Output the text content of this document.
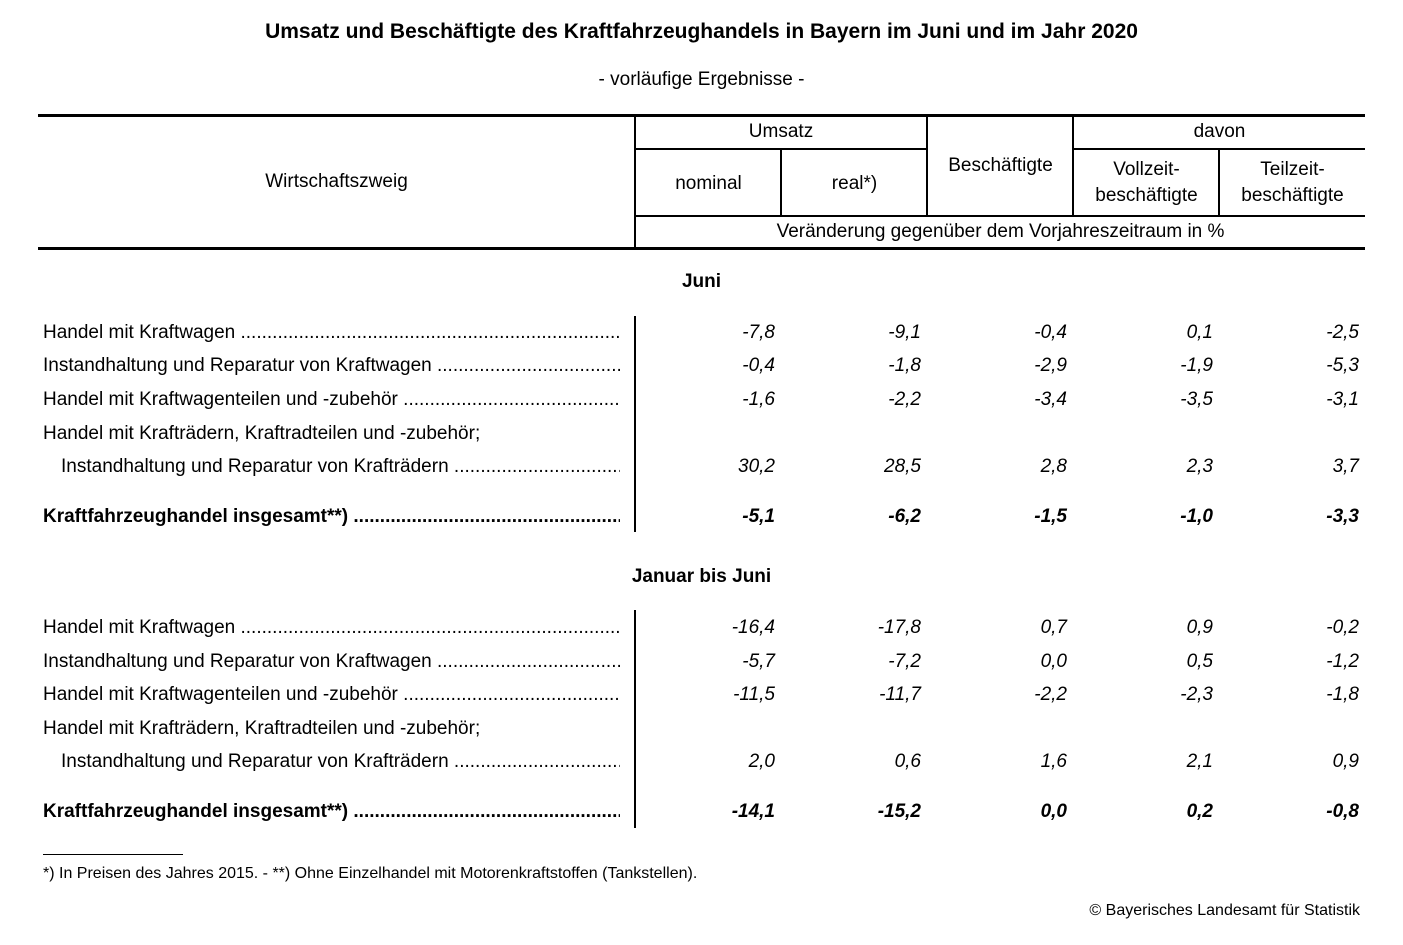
Umsatz und Beschäftigte des Kraftfahrzeughandels in Bayern im Juni und im Jahr 2020
- vorläufige Ergebnisse -
Wirtschaftszweig
Umsatz
nominal	real*)
Beschäftigte
davon
Vollzeit-
beschäftigte
Teilzeit-
beschäftigte
Veränderung gegenüber dem Vorjahreszeitraum in %
Juni
Handel mit Kraftwagen .....	-7,8	-9,1	-0,4	0,1	-2,5
Instandhaltung und Reparatur von Kraftwagen .....	-0,4	-1,8	-2,9	-1,9	-5,3
Handel mit Kraftwagenteilen und -zubehör .....	-1,6	-2,2	-3,4	-3,5	-3,1
Handel mit Krafträdern, Kraftradteilen und -zubehör;
Instandhaltung und Reparatur von Krafträdern .....	30,2	28,5	2,8	2,3	3,7
Kraftfahrzeughandel insgesamt**) .....	-5,1	-6,2	-1,5	-1,0	-3,3
Januar bis Juni
Handel mit Kraftwagen .....	-16,4	-17,8	0,7	0,9	-0,2
Instandhaltung und Reparatur von Kraftwagen .....	-5,7	-7,2	0,0	0,5	-1,2
Handel mit Kraftwagenteilen und -zubehör .....	-11,5	-11,7	-2,2	-2,3	-1,8
Handel mit Krafträdern, Kraftradteilen und -zubehör;
Instandhaltung und Reparatur von Krafträdern .....	2,0	0,6	1,6	2,1	0,9
Kraftfahrzeughandel insgesamt**) .....	-14,1	-15,2	0,0	0,2	-0,8
*) In Preisen des Jahres 2015. - **) Ohne Einzelhandel mit Motorenkraftstoffen (Tankstellen).
© Bayerisches Landesamt für Statistik
